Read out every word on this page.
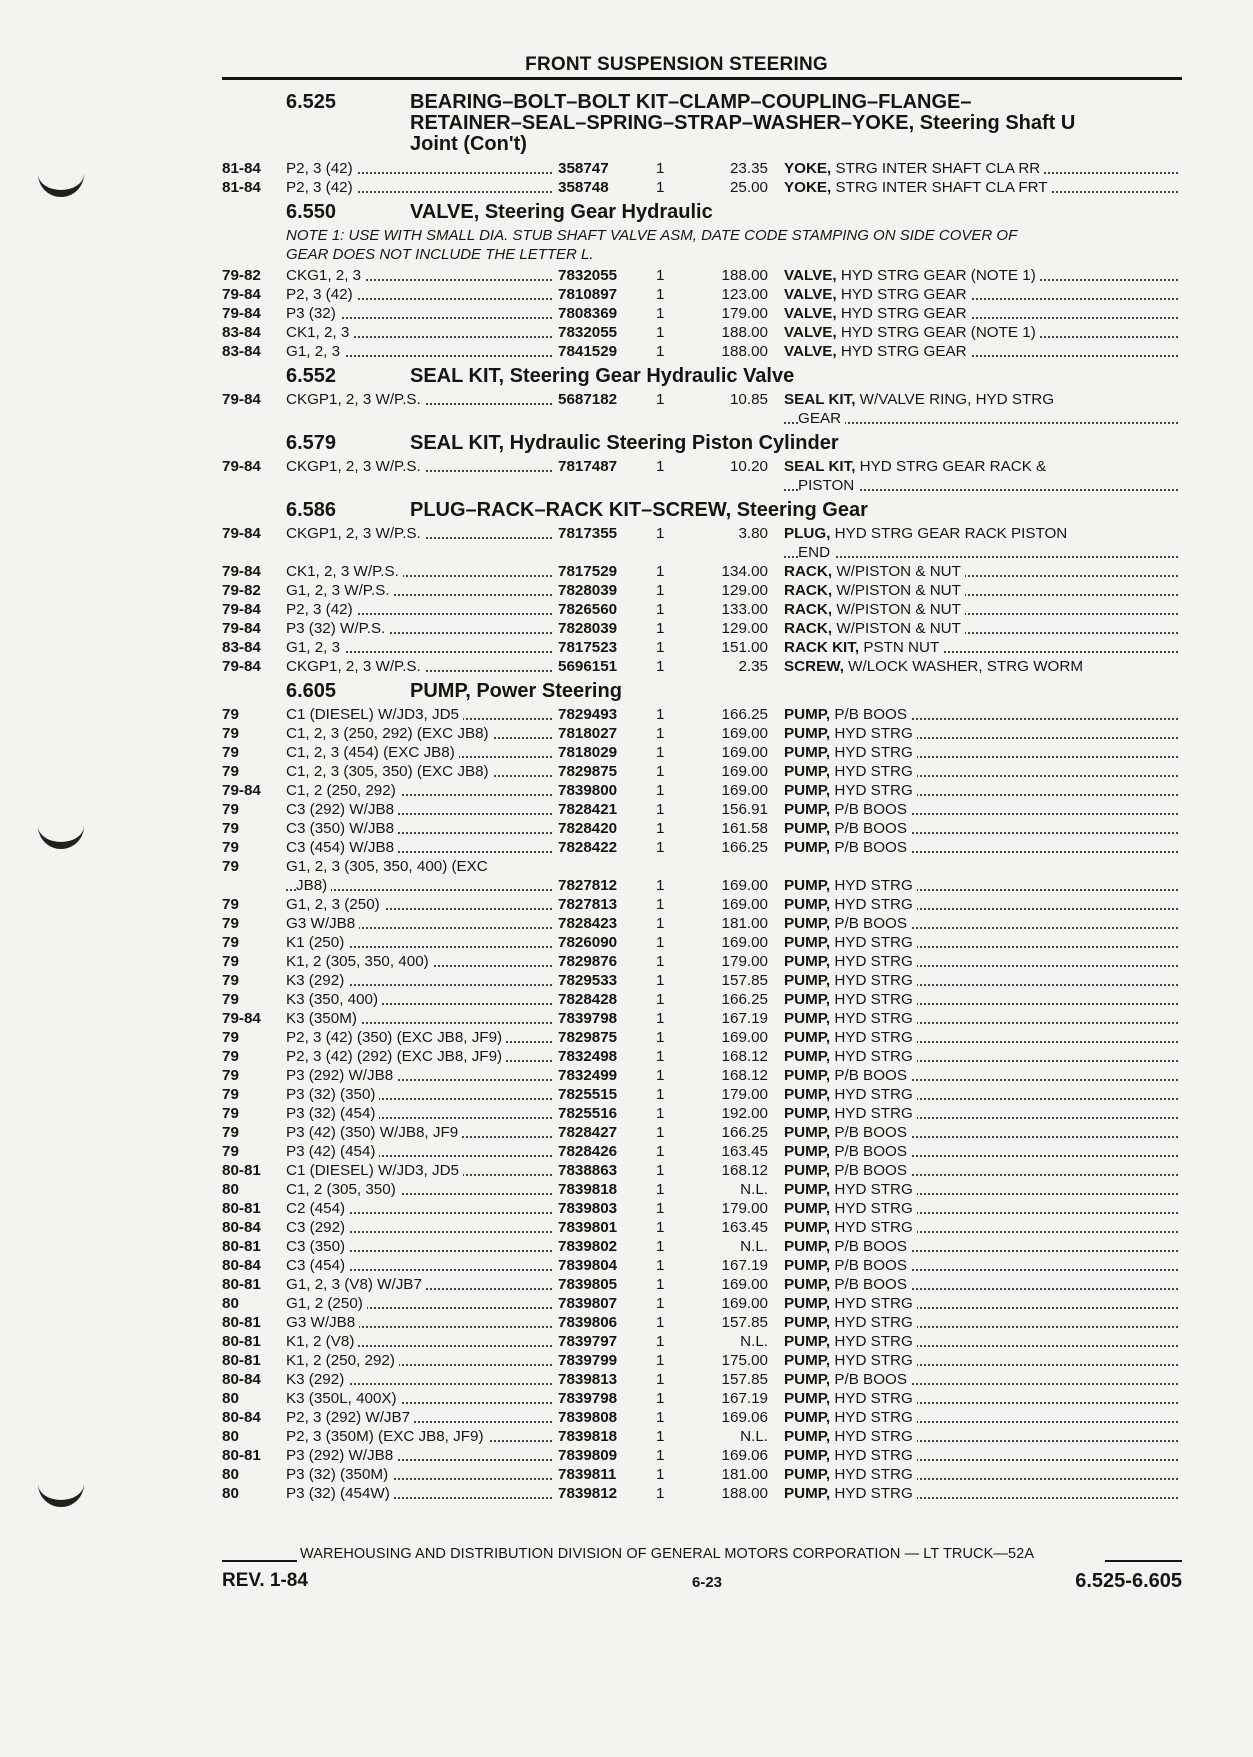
FRONT SUSPENSION STEERING
6.525	BEARING–BOLT–BOLT KIT–CLAMP–COUPLING–FLANGE–
RETAINER–SEAL–SPRING–STRAP–WASHER–YOKE, Steering Shaft U
Joint (Con't)
81-84	P2, 3 (42)	358747	1	23.35	YOKE, STRG INTER SHAFT CLA RR
81-84	P2, 3 (42)	358748	1	25.00	YOKE, STRG INTER SHAFT CLA FRT
6.550	VALVE, Steering Gear Hydraulic
NOTE 1: USE WITH SMALL DIA. STUB SHAFT VALVE ASM, DATE CODE STAMPING ON SIDE COVER OF
GEAR DOES NOT INCLUDE THE LETTER L.
79-82	CKG1, 2, 3	7832055	1	188.00	VALVE, HYD STRG GEAR (NOTE 1)
79-84	P2, 3 (42)	7810897	1	123.00	VALVE, HYD STRG GEAR
79-84	P3 (32)	7808369	1	179.00	VALVE, HYD STRG GEAR
83-84	CK1, 2, 3	7832055	1	188.00	VALVE, HYD STRG GEAR (NOTE 1)
83-84	G1, 2, 3	7841529	1	188.00	VALVE, HYD STRG GEAR
6.552	SEAL KIT, Steering Gear Hydraulic Valve
79-84	CKGP1, 2, 3 W/P.S.	5687182	1	10.85	SEAL KIT, W/VALVE RING, HYD STRG
GEAR
6.579	SEAL KIT, Hydraulic Steering Piston Cylinder
79-84	CKGP1, 2, 3 W/P.S.	7817487	1	10.20	SEAL KIT, HYD STRG GEAR RACK &
PISTON
6.586	PLUG–RACK–RACK KIT–SCREW, Steering Gear
79-84	CKGP1, 2, 3 W/P.S.	7817355	1	3.80	PLUG, HYD STRG GEAR RACK PISTON
END
79-84	CK1, 2, 3 W/P.S.	7817529	1	134.00	RACK, W/PISTON & NUT
79-82	G1, 2, 3 W/P.S.	7828039	1	129.00	RACK, W/PISTON & NUT
79-84	P2, 3 (42)	7826560	1	133.00	RACK, W/PISTON & NUT
79-84	P3 (32) W/P.S.	7828039	1	129.00	RACK, W/PISTON & NUT
83-84	G1, 2, 3	7817523	1	151.00	RACK KIT, PSTN NUT
79-84	CKGP1, 2, 3 W/P.S.	5696151	1	2.35	SCREW, W/LOCK WASHER, STRG WORM
6.605	PUMP, Power Steering
79	C1 (DIESEL) W/JD3, JD5	7829493	1	166.25	PUMP, P/B BOOS
79	C1, 2, 3 (250, 292) (EXC JB8)	7818027	1	169.00	PUMP, HYD STRG
79	C1, 2, 3 (454) (EXC JB8)	7818029	1	169.00	PUMP, HYD STRG
79	C1, 2, 3 (305, 350) (EXC JB8)	7829875	1	169.00	PUMP, HYD STRG
79-84	C1, 2 (250, 292)	7839800	1	169.00	PUMP, HYD STRG
79	C3 (292) W/JB8	7828421	1	156.91	PUMP, P/B BOOS
79	C3 (350) W/JB8	7828420	1	161.58	PUMP, P/B BOOS
79	C3 (454) W/JB8	7828422	1	166.25	PUMP, P/B BOOS
79	G1, 2, 3 (305, 350, 400) (EXC
JB8)	7827812	1	169.00	PUMP, HYD STRG
79	G1, 2, 3 (250)	7827813	1	169.00	PUMP, HYD STRG
79	G3 W/JB8	7828423	1	181.00	PUMP, P/B BOOS
79	K1 (250)	7826090	1	169.00	PUMP, HYD STRG
79	K1, 2 (305, 350, 400)	7829876	1	179.00	PUMP, HYD STRG
79	K3 (292)	7829533	1	157.85	PUMP, HYD STRG
79	K3 (350, 400)	7828428	1	166.25	PUMP, HYD STRG
79-84	K3 (350M)	7839798	1	167.19	PUMP, HYD STRG
79	P2, 3 (42) (350) (EXC JB8, JF9)	7829875	1	169.00	PUMP, HYD STRG
79	P2, 3 (42) (292) (EXC JB8, JF9)	7832498	1	168.12	PUMP, HYD STRG
79	P3 (292) W/JB8	7832499	1	168.12	PUMP, P/B BOOS
79	P3 (32) (350)	7825515	1	179.00	PUMP, HYD STRG
79	P3 (32) (454)	7825516	1	192.00	PUMP, HYD STRG
79	P3 (42) (350) W/JB8, JF9	7828427	1	166.25	PUMP, P/B BOOS
79	P3 (42) (454)	7828426	1	163.45	PUMP, P/B BOOS
80-81	C1 (DIESEL) W/JD3, JD5	7838863	1	168.12	PUMP, P/B BOOS
80	C1, 2 (305, 350)	7839818	1	N.L.	PUMP, HYD STRG
80-81	C2 (454)	7839803	1	179.00	PUMP, HYD STRG
80-84	C3 (292)	7839801	1	163.45	PUMP, HYD STRG
80-81	C3 (350)	7839802	1	N.L.	PUMP, P/B BOOS
80-84	C3 (454)	7839804	1	167.19	PUMP, P/B BOOS
80-81	G1, 2, 3 (V8) W/JB7	7839805	1	169.00	PUMP, P/B BOOS
80	G1, 2 (250)	7839807	1	169.00	PUMP, HYD STRG
80-81	G3 W/JB8	7839806	1	157.85	PUMP, HYD STRG
80-81	K1, 2 (V8)	7839797	1	N.L.	PUMP, HYD STRG
80-81	K1, 2 (250, 292)	7839799	1	175.00	PUMP, HYD STRG
80-84	K3 (292)	7839813	1	157.85	PUMP, P/B BOOS
80	K3 (350L, 400X)	7839798	1	167.19	PUMP, HYD STRG
80-84	P2, 3 (292) W/JB7	7839808	1	169.06	PUMP, HYD STRG
80	P2, 3 (350M) (EXC JB8, JF9)	7839818	1	N.L.	PUMP, HYD STRG
80-81	P3 (292) W/JB8	7839809	1	169.06	PUMP, HYD STRG
80	P3 (32) (350M)	7839811	1	181.00	PUMP, HYD STRG
80	P3 (32) (454W)	7839812	1	188.00	PUMP, HYD STRG
WAREHOUSING AND DISTRIBUTION DIVISION OF GENERAL MOTORS CORPORATION — LT TRUCK—52A
REV. 1-84	6-23	6.525-6.605
